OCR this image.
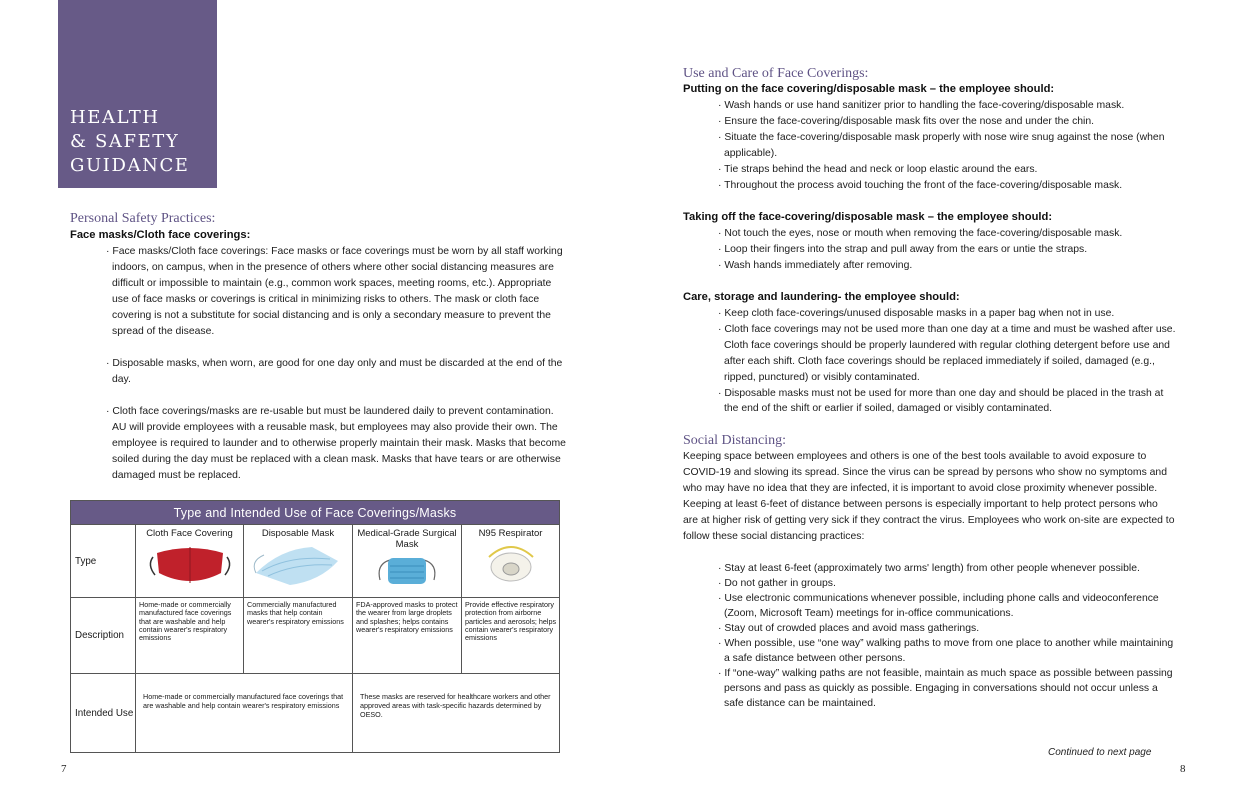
HEALTH
& SAFETY
GUIDANCE
Personal Safety Practices:
Face masks/Cloth face coverings:

· Face masks/Cloth face coverings: Face masks or face coverings must be worn by all staff working indoors, on campus, when in the presence of others where other social distancing measures are difficult or impossible to maintain (e.g., common work spaces, meeting rooms, etc.). Appropriate use of face masks or coverings is critical in minimizing risks to others. The mask or cloth face covering is not a substitute for social distancing and is only a secondary measure to prevent the spread of the disease.

· Disposable masks, when worn, are good for one day only and must be discarded at the end of the day.

· Cloth face coverings/masks are re-usable but must be laundered daily to prevent contamination. AU will provide employees with a reusable mask, but employees may also provide their own. The employee is required to launder and to otherwise properly maintain their mask. Masks that become soiled during the day must be replaced with a clean mask. Masks that have tears or are otherwise damaged must be replaced.

Type and Intended Use of Face Coverings/Masks				
Type	Cloth Face Covering	Disposable Mask	Medical-Grade Surgical Mask	N95 Respirator

Description	Home-made or commercially manufactured face coverings that are washable and help contain wearer's respiratory emissions	Commercially manufactured masks that help contain wearer's respiratory emissions	FDA-approved masks to protect the wearer from large droplets and splashes; helps contains wearer's respiratory emissions	Provide effective respiratory protection from airborne particles and aerosols; helps contain wearer's respiratory emissions
Intended Use	Home-made or commercially manufactured face coverings that are washable and help contain wearer's respiratory emissions		These masks are reserved for healthcare workers and other approved areas with task-specific hazards determined by OESO.	
7
Use and Care of Face Coverings:
Putting on the face covering/disposable mask – the employee should:
· Wash hands or use hand sanitizer prior to handling the face-covering/disposable mask.
· Ensure the face-covering/disposable mask fits over the nose and under the chin.
· Situate the face-covering/disposable mask properly with nose wire snug against the nose (when applicable).
· Tie straps behind the head and neck or loop elastic around the ears.
· Throughout the process avoid touching the front of the face-covering/disposable mask.
Taking off the face-covering/disposable mask – the employee should:
· Not touch the eyes, nose or mouth when removing the face-covering/disposable mask.
· Loop their fingers into the strap and pull away from the ears or untie the straps.
· Wash hands immediately after removing.
Care, storage and laundering- the employee should:
· Keep cloth face-coverings/unused disposable masks in a paper bag when not in use.
· Cloth face coverings may not be used more than one day at a time and must be washed after use. Cloth face coverings should be properly laundered with regular clothing detergent before use and after each shift. Cloth face coverings should be replaced immediately if soiled, damaged (e.g., ripped, punctured) or visibly contaminated.
· Disposable masks must not be used for more than one day and should be placed in the trash at the end of the shift or earlier if soiled, damaged or visibly contaminated.
Social Distancing:
Keeping space between employees and others is one of the best tools available to avoid exposure to COVID-19 and slowing its spread. Since the virus can be spread by persons who show no symptoms and who may have no idea that they are infected, it is important to avoid close proximity whenever possible. Keeping at least 6-feet of distance between persons is especially important to help protect persons who are at higher risk of getting very sick if they contract the virus. Employees who work on-site are expected to follow these social distancing practices:
· Stay at least 6-feet (approximately two arms' length) from other people whenever possible.
· Do not gather in groups.
· Use electronic communications whenever possible, including phone calls and videoconference (Zoom, Microsoft Team) meetings for in-office communications.
· Stay out of crowded places and avoid mass gatherings.
· When possible, use “one way” walking paths to move from one place to another while maintaining a safe distance between other persons.
· If “one-way” walking paths are not feasible, maintain as much space as possible between passing persons and pass as quickly as possible. Engaging in conversations should not occur unless a safe distance can be maintained.
Continued to next page
8
